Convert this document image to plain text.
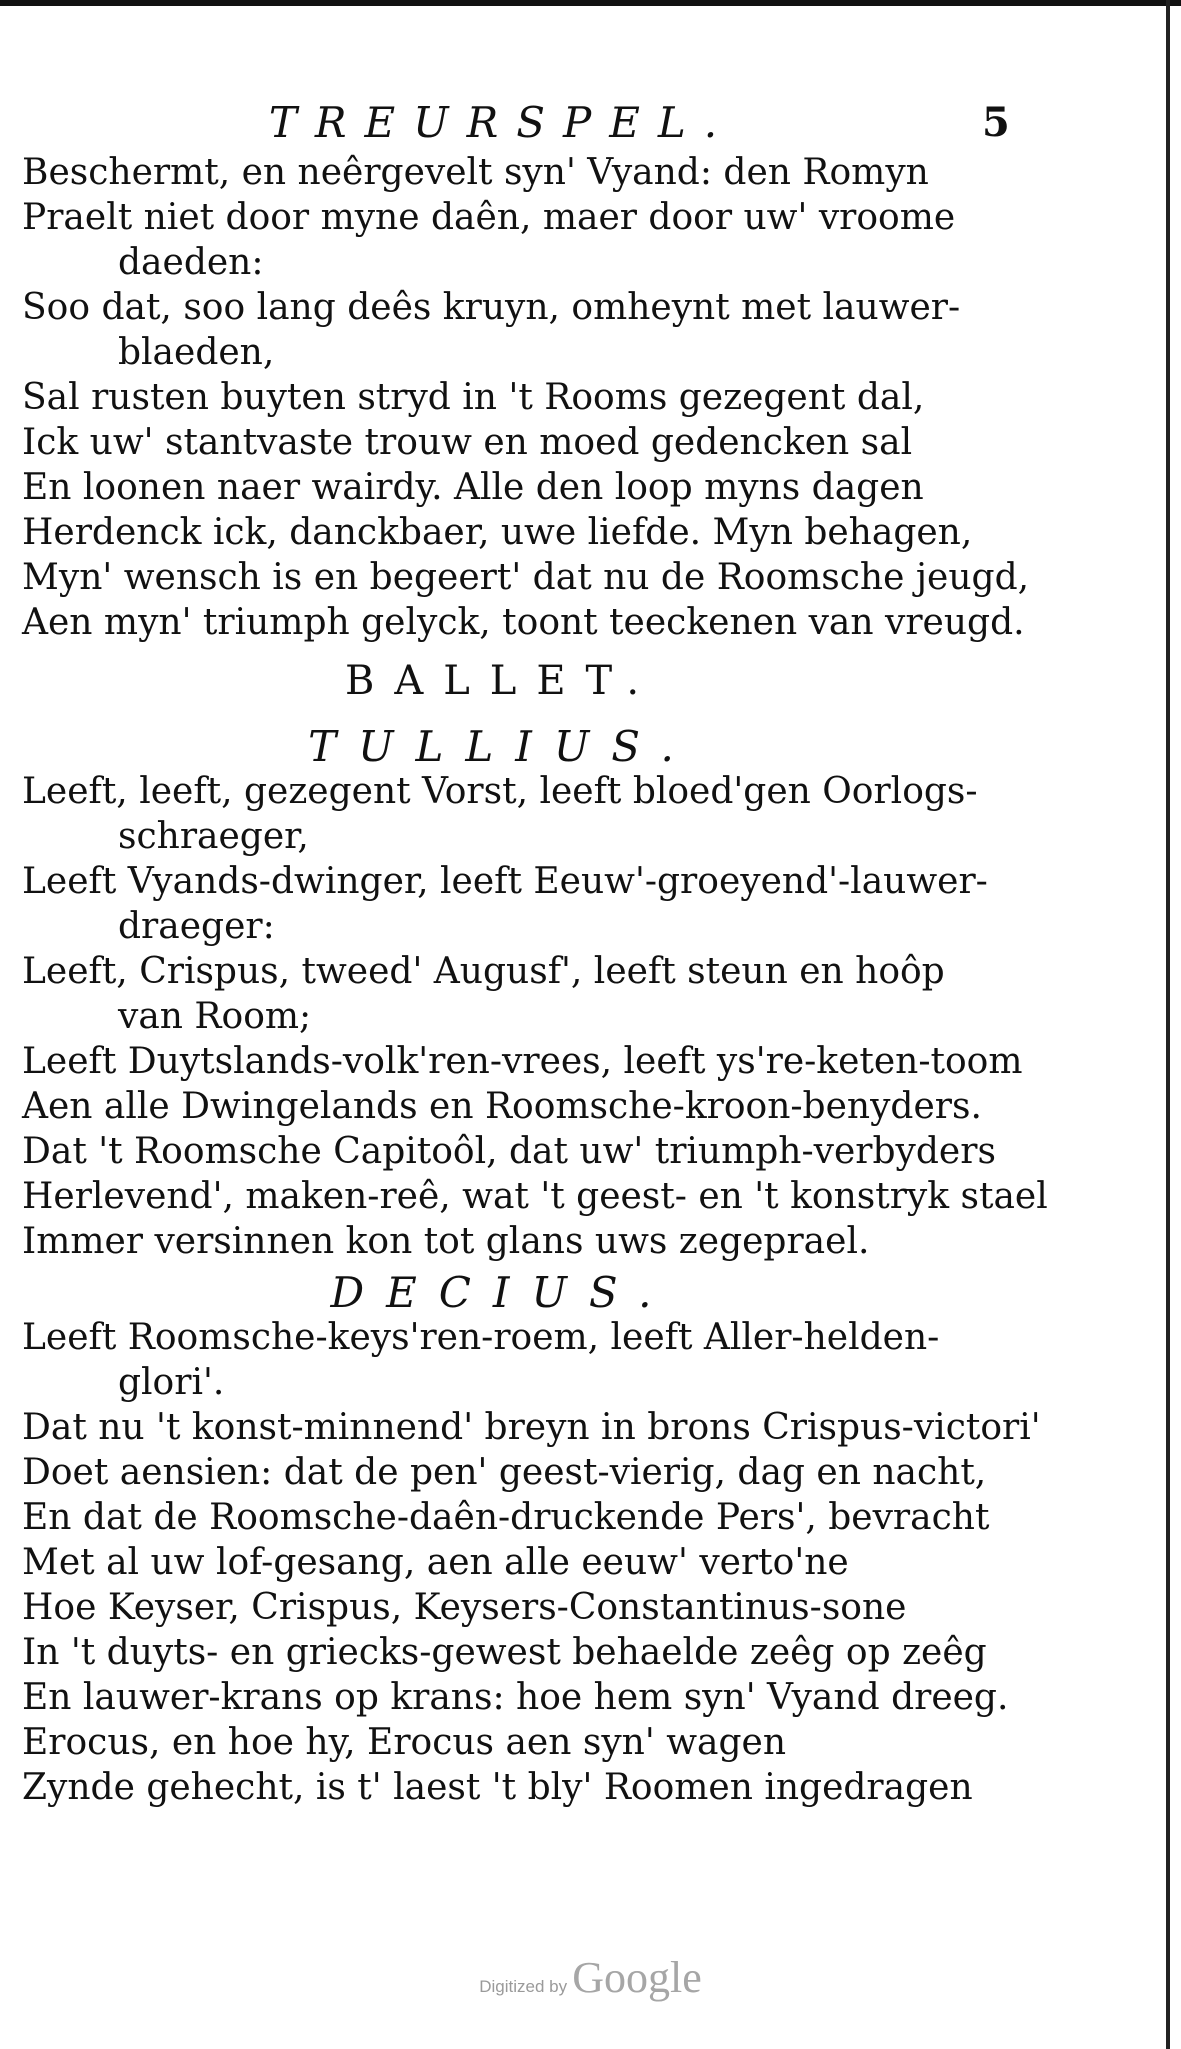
TREURSPEL.	5
Beschermt, en neêrgevelt syn' Vyand: den Romyn
Praelt niet door myne daên, maer door uw' vroome
daeden:
Soo dat, soo lang deês kruyn, omheynt met lauwer-
blaeden,
Sal rusten buyten stryd in 't Rooms gezegent dal,
Ick uw' stantvaste trouw en moed gedencken sal
En loonen naer wairdy. Alle den loop myns dagen
Herdenck ick, danckbaer, uwe liefde. Myn behagen,
Myn' wensch is en begeert' dat nu de Roomsche jeugd,
Aen myn' triumph gelyck, toont teeckenen van vreugd.
BALLET.
TULLIUS.
Leeft, leeft, gezegent Vorst, leeft bloed'gen Oorlogs-
schraeger,
Leeft Vyands-dwinger, leeft Eeuw'-groeyend'-lauwer-
draeger:
Leeft, Crispus, tweed' Augusf', leeft steun en hoôp
van Room;
Leeft Duytslands-volk'ren-vrees, leeft ys're-keten-toom
Aen alle Dwingelands en Roomsche-kroon-benyders.
Dat 't Roomsche Capitoôl, dat uw' triumph-verbyders
Herlevend', maken-reê, wat 't geest- en 't konstryk stael
Immer versinnen kon tot glans uws zegeprael.
DECIUS.
Leeft Roomsche-keys'ren-roem, leeft Aller-helden-
glori'.
Dat nu 't konst-minnend' breyn in brons Crispus-victori'
Doet aensien: dat de pen' geest-vierig, dag en nacht,
En dat de Roomsche-daên-druckende Pers', bevracht
Met al uw lof-gesang, aen alle eeuw' verto'ne
Hoe Keyser, Crispus, Keysers-Constantinus-sone
In 't duyts- en griecks-gewest behaelde zeêg op zeêg
En lauwer-krans op krans: hoe hem syn' Vyand dreeg.
Erocus, en hoe hy, Erocus aen syn' wagen
Zynde gehecht, is t' laest 't bly' Roomen ingedragen
Digitized by Google
